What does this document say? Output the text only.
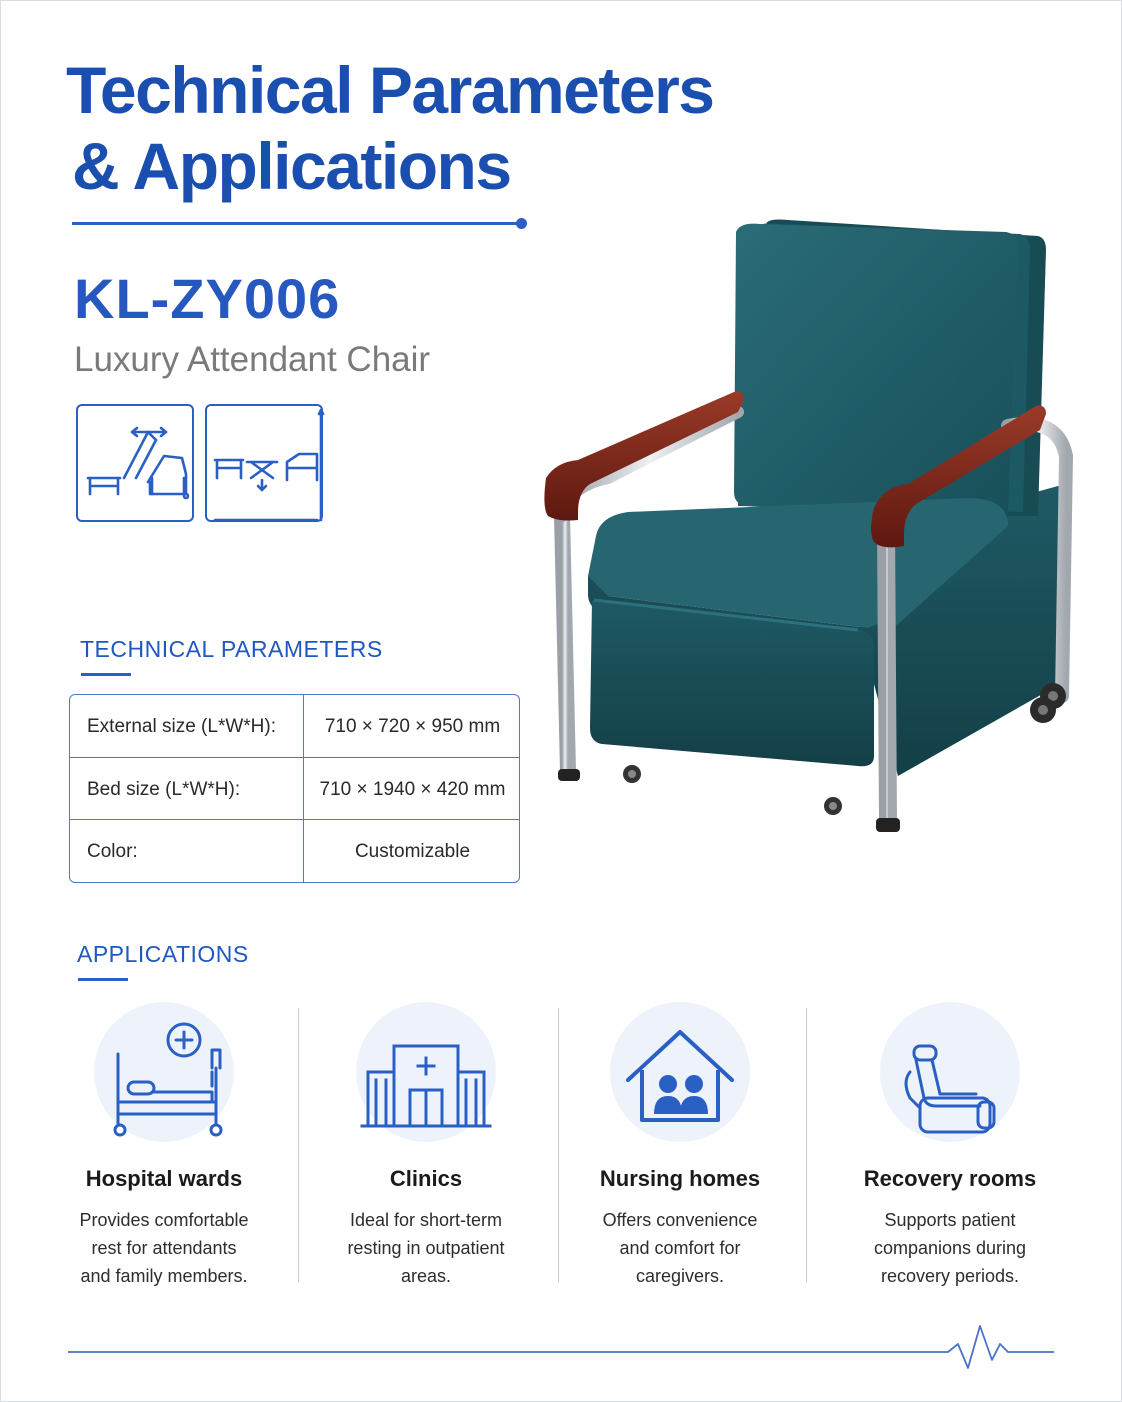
Technical Parameters
& Applications
KL-ZY006
Luxury Attendant Chair
TECHNICAL PARAMETERS
External size (L*W*H):	710 × 720 × 950 mm
Bed size (L*W*H):	710 × 1940 × 420 mm
Color:	Customizable
APPLICATIONS
Hospital wards
Provides comfortable
rest for attendants
and family members.
Clinics
Ideal for short-term
resting in outpatient
areas.
Nursing homes
Offers convenience
and comfort for
caregivers.
Recovery rooms
Supports patient
companions during
recovery periods.
